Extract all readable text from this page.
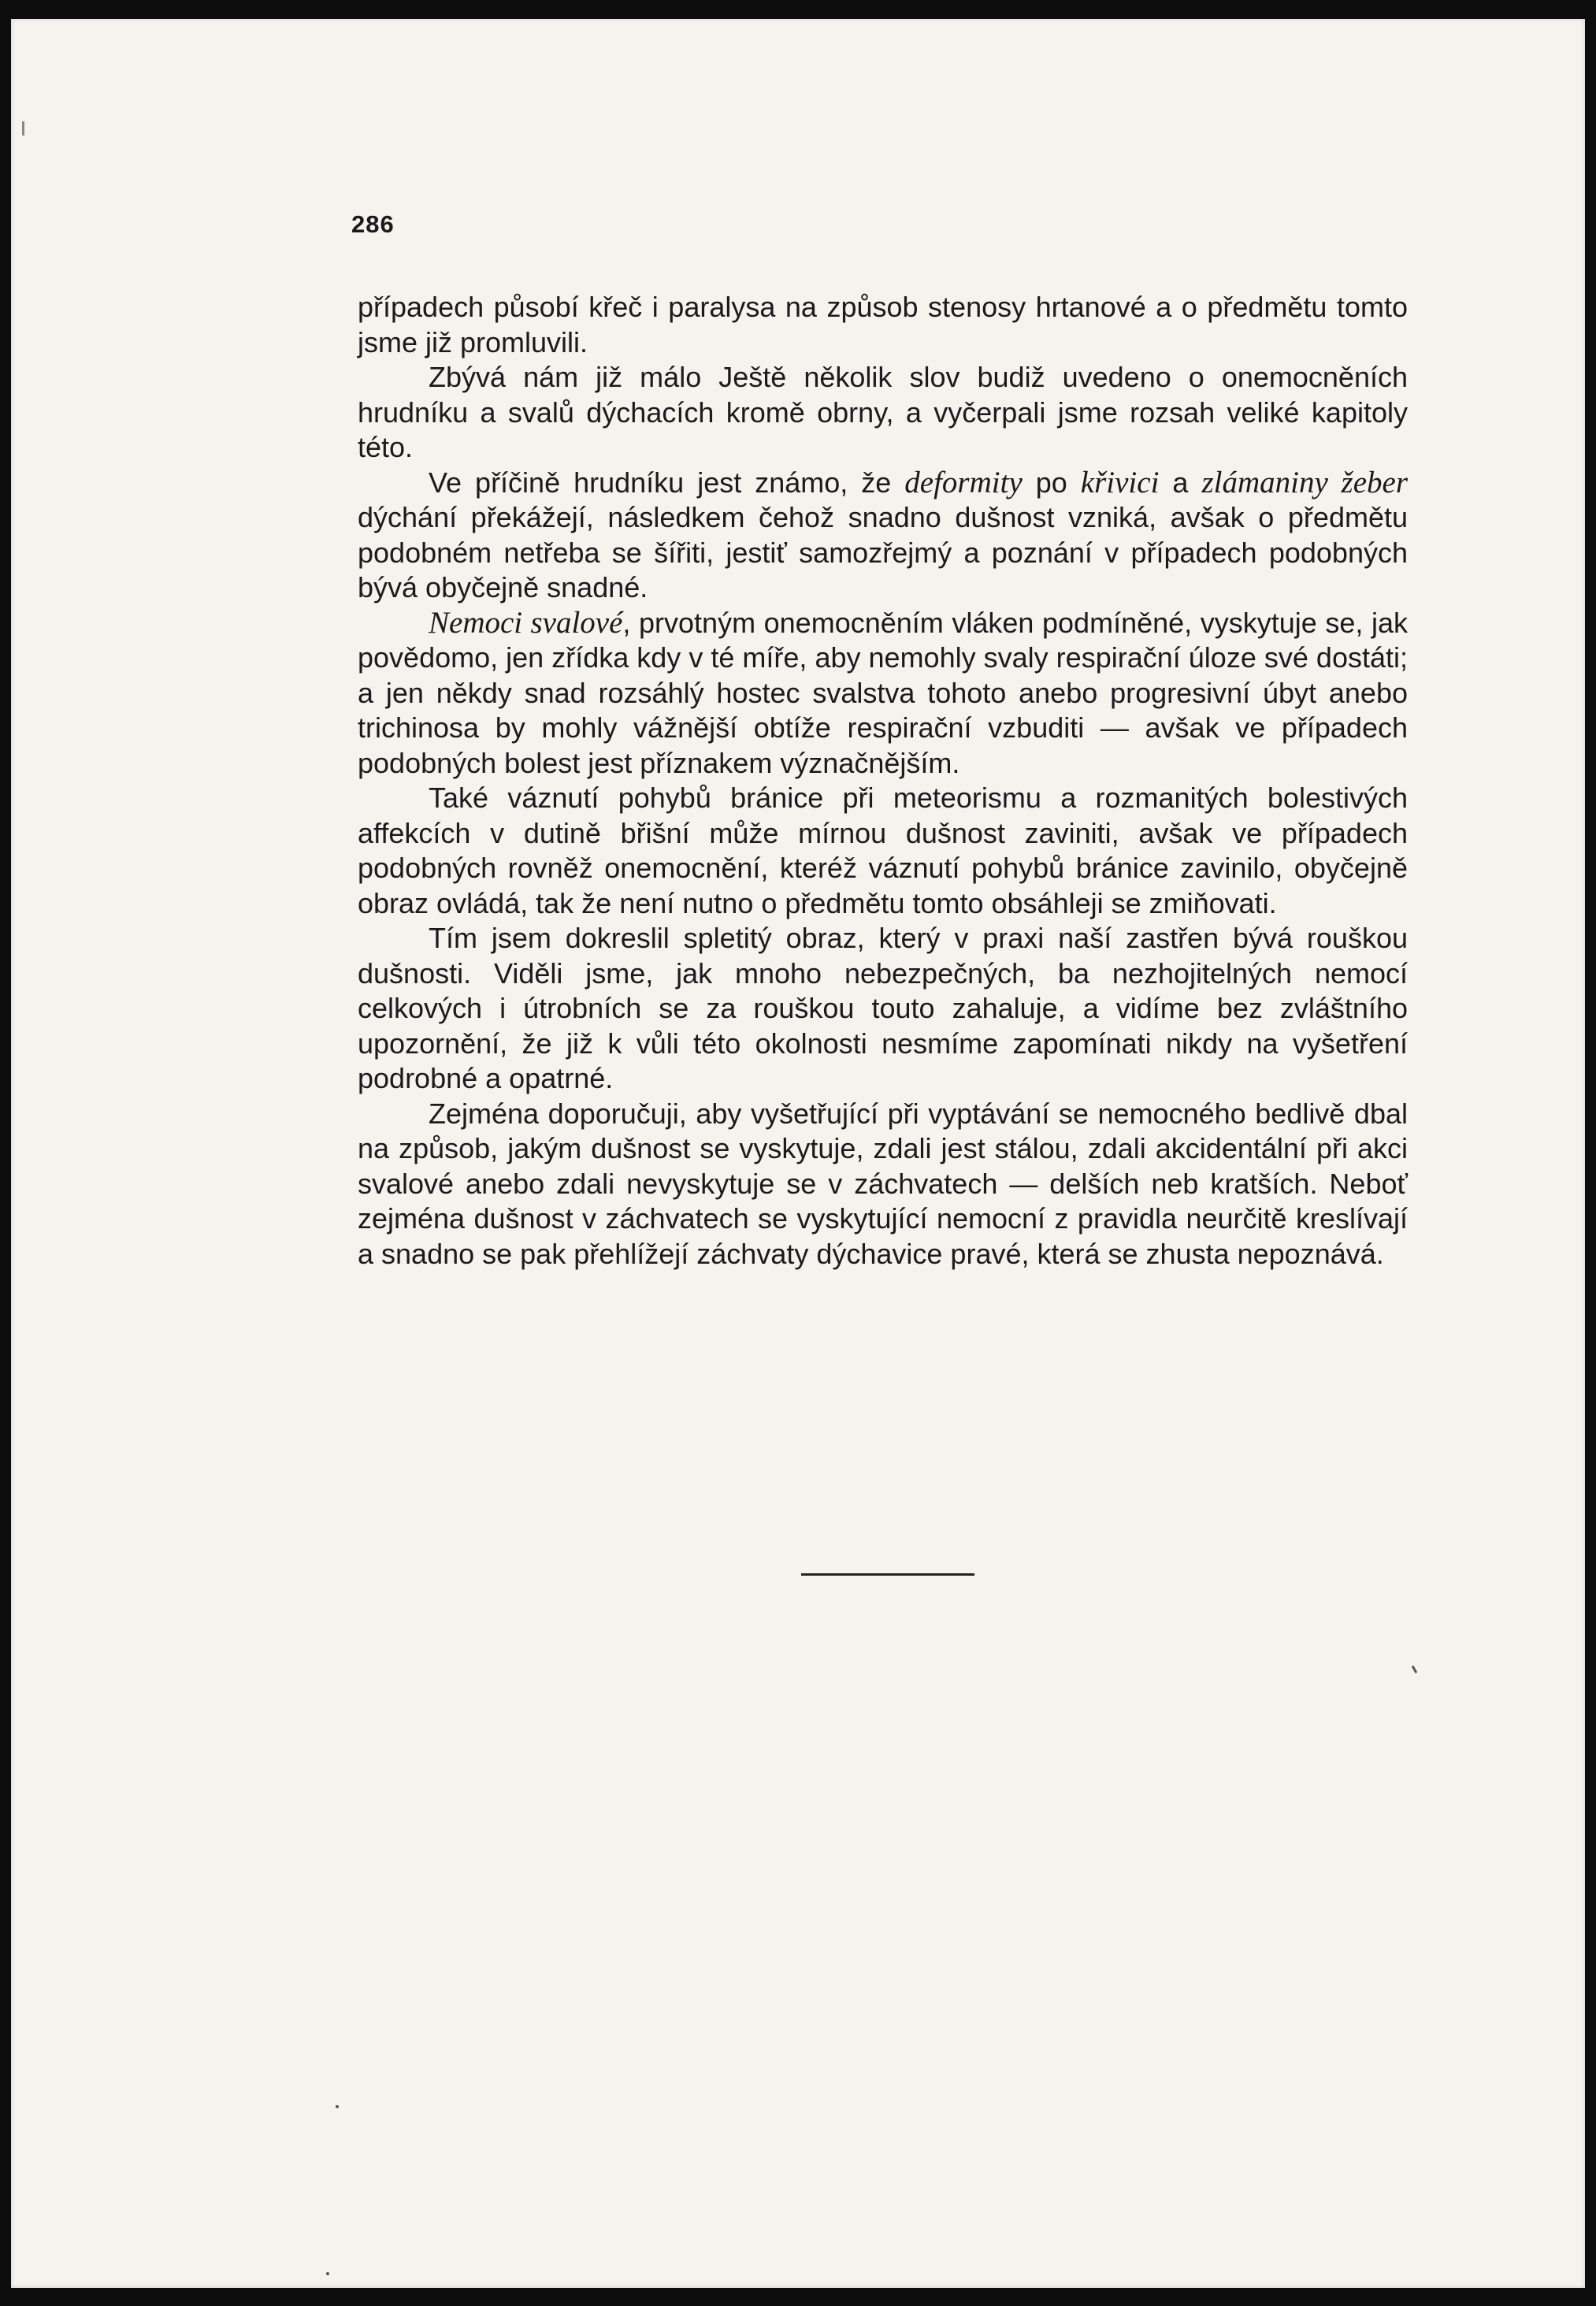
286

případech působí křeč i paralysa na způsob stenosy hrtanové a o předmětu tomto jsme již promluvili.

Zbývá nám již málo Ještě několik slov budiž uvedeno o onemocněních hrudníku a svalů dýchacích kromě obrny, a vyčerpali jsme rozsah veliké kapitoly této.

Ve příčině hrudníku jest známo, že deformity po křivici a zlámaniny žeber dýchání překážejí, následkem čehož snadno dušnost vzniká, avšak o předmětu podobném netřeba se šířiti, jestiť samozřejmý a poznání v případech podobných bývá obyčejně snadné.

Nemoci svalové, prvotným onemocněním vláken podmíněné, vyskytuje se, jak povědomo, jen zřídka kdy v té míře, aby nemohly svaly respirační úloze své dostáti; a jen někdy snad rozsáhlý hostec svalstva tohoto anebo progresivní úbyt anebo trichinosa by mohly vážnější obtíže respirační vzbuditi — avšak ve případech podobných bolest jest příznakem význačnějším.

Také váznutí pohybů bránice při meteorismu a rozmanitých bolestivých affekcích v dutině břišní může mírnou dušnost zaviniti, avšak ve případech podobných rovněž onemocnění, kteréž váznutí pohybů bránice zavinilo, obyčejně obraz ovládá, tak že není nutno o předmětu tomto obsáhleji se zmiňovati.

Tím jsem dokreslil spletitý obraz, který v praxi naší zastřen bývá rouškou dušnosti. Viděli jsme, jak mnoho nebezpečných, ba nezhojitelných nemocí celkových i útrobních se za rouškou touto zahaluje, a vidíme bez zvláštního upozornění, že již k vůli této okolnosti nesmíme zapomínati nikdy na vyšetření podrobné a opatrné.

Zejména doporučuji, aby vyšetřující při vyptávání se nemocného bedlivě dbal na způsob, jakým dušnost se vyskytuje, zdali jest stálou, zdali akcidentální při akci svalové anebo zdali nevyskytuje se v záchvatech — delších neb kratších. Neboť zejména dušnost v záchvatech se vyskytující nemocní z pravidla neurčitě kreslívají a snadno se pak přehlížejí záchvaty dýchavice pravé, která se zhusta nepoznává.
